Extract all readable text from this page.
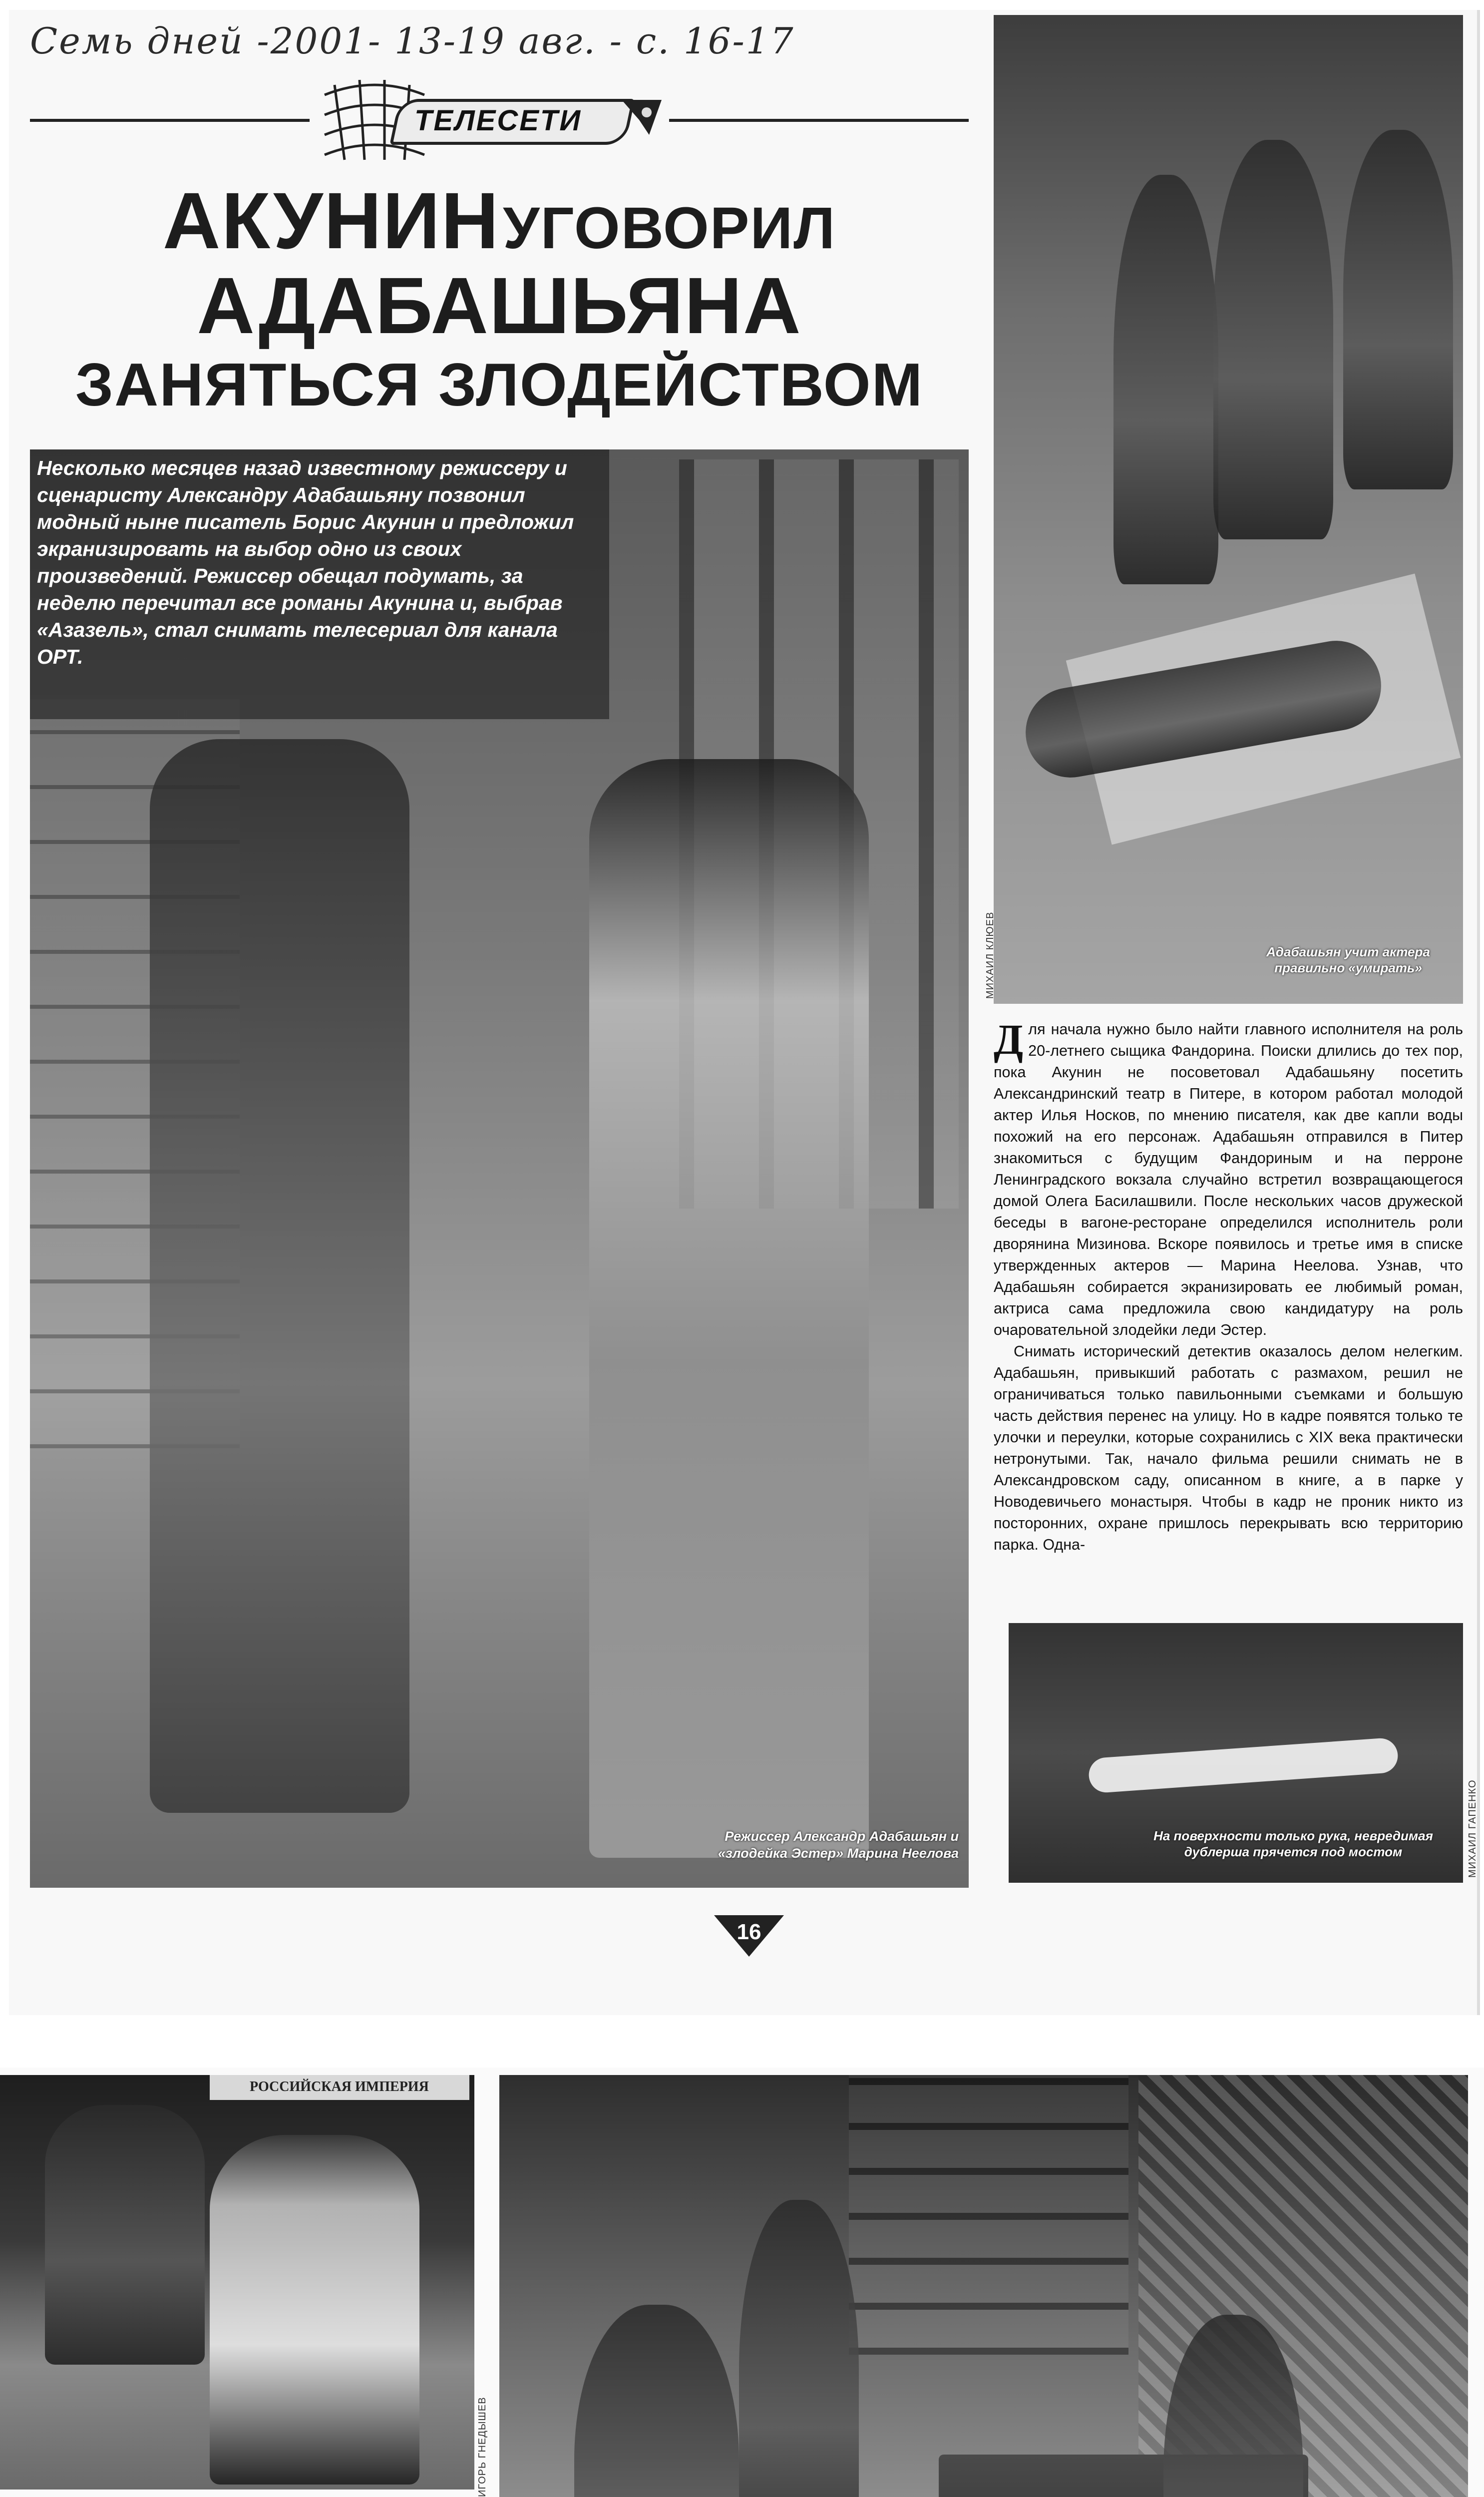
Семь дней -2001- 13-19 авг. - с. 16-17
ТЕЛЕСЕТИ
АКУНИН УГОВОРИЛ
АДАБАШЬЯНА
ЗАНЯТЬСЯ ЗЛОДЕЙСТВОМ
Несколько месяцев назад известному режиссеру и сценаристу Александру Адабашьяну позвонил модный ныне писатель Борис Акунин и предложил экранизировать на выбор одно из своих произведений. Режиссер обещал подумать, за неделю перечитал все романы Акунина и, выбрав «Азазель», стал снимать телесериал для канала ОРТ.
Режиссер Александр Адабашьян и «злодейка Эстер» Марина Неелова
Адабашьян учит актера правильно «умирать»
МИХАИЛ КЛЮЕВ

Для начала нужно было найти главного исполнителя на роль 20-летнего сыщика Фандорина. Поиски длились до тех пор, пока Акунин не посоветовал Адабашьяну посетить Александринский театр в Питере, в котором работал молодой актер Илья Носков, по мнению писателя, как две капли воды похожий на его персонаж. Адабашьян отправился в Питер знакомиться с будущим Фандориным и на перроне Ленинградского вокзала случайно встретил возвращающегося домой Олега Басилашвили. После нескольких часов дружеской беседы в вагоне-ресторане определился исполнитель роли дворянина Мизинова. Вскоре появилось и третье имя в списке утвержденных актеров — Марина Неелова. Узнав, что Адабашьян собирается экранизировать ее любимый роман, актриса сама предложила свою кандидатуру на роль очаровательной злодейки леди Эстер.

Снимать исторический детектив оказалось делом нелегким. Адабашьян, привыкший работать с размахом, решил не ограничиваться только павильонными съемками и большую часть действия перенес на улицу. Но в кадре появятся только те улочки и переулки, которые сохранились с XIX века практически нетронутыми. Так, начало фильма решили снимать не в Александровском саду, описанном в книге, а в парке у Новодевичьего монастыря. Чтобы в кадр не проник никто из посторонних, охране пришлось перекрывать всю территорию парка. Одна-

На поверхности только рука, невредимая дублерша прячется под мостом	МИХАИЛ ГАПЕНКО
16
РОССИЙСКАЯ ИМПЕРИЯ
ИГОРЬ ГНЕДЫШЕВ
